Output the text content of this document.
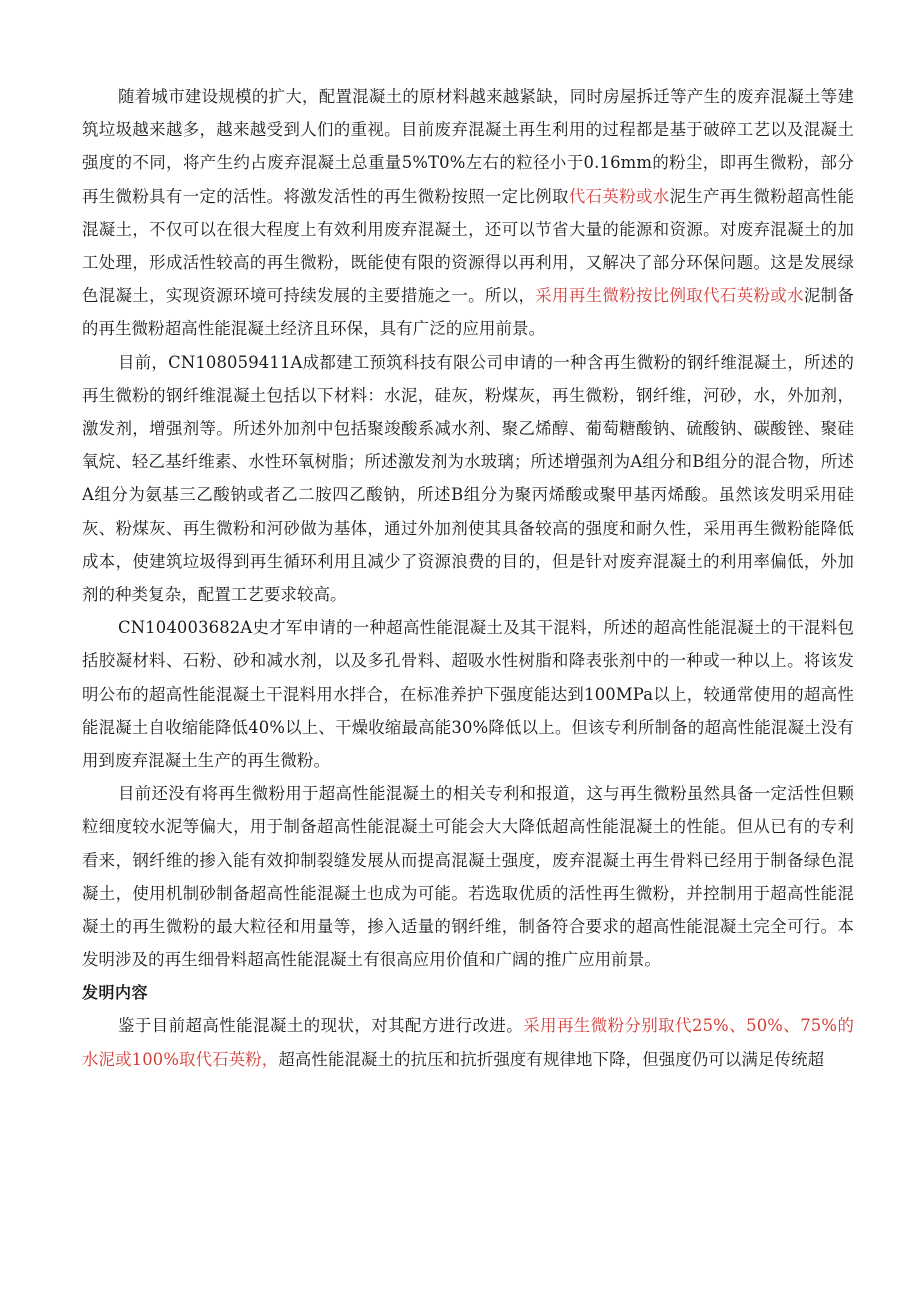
随着城市建设规模的扩大，配置混凝土的原材料越来越紧缺，同时房屋拆迁等产生的废弃混凝土等建筑垃圾越来越多，越来越受到人们的重视。目前废弃混凝土再生利用的过程都是基于破碎工艺以及混凝土强度的不同，将产生约占废弃混凝土总重量5%T0%左右的粒径小于0.16mm的粉尘，即再生微粉，部分再生微粉具有一定的活性。将激发活性的再生微粉按照一定比例取代石英粉或水泥生产再生微粉超高性能混凝土，不仅可以在很大程度上有效利用废弃混凝土，还可以节省大量的能源和资源。对废弃混凝土的加工处理，形成活性较高的再生微粉，既能使有限的资源得以再利用，又解决了部分环保问题。这是发展绿色混凝土，实现资源环境可持续发展的主要措施之一。所以，采用再生微粉按比例取代石英粉或水泥制备的再生微粉超高性能混凝土经济且环保，具有广泛的应用前景。

目前，CN108059411A成都建工预筑科技有限公司申请的一种含再生微粉的钢纤维混凝土，所述的再生微粉的钢纤维混凝土包括以下材料：水泥，硅灰，粉煤灰，再生微粉，钢纤维，河砂，水，外加剂，激发剂，增强剂等。所述外加剂中包括聚竣酸系减水剂、聚乙烯醇、葡萄糖酸钠、硫酸钠、碳酸锉、聚硅氧烷、轻乙基纤维素、水性环氧树脂；所述激发剂为水玻璃；所述增强剂为A组分和B组分的混合物，所述A组分为氨基三乙酸钠或者乙二胺四乙酸钠，所述B组分为聚丙烯酸或聚甲基丙烯酸。虽然该发明采用硅灰、粉煤灰、再生微粉和河砂做为基体，通过外加剂使其具备较高的强度和耐久性，采用再生微粉能降低成本，使建筑垃圾得到再生循环利用且减少了资源浪费的目的，但是针对废弃混凝土的利用率偏低，外加剂的种类复杂，配置工艺要求较高。

CN104003682A史才军申请的一种超高性能混凝土及其干混料，所述的超高性能混凝土的干混料包括胶凝材料、石粉、砂和减水剂，以及多孔骨料、超吸水性树脂和降表张剂中的一种或一种以上。将该发明公布的超高性能混凝土干混料用水拌合，在标准养护下强度能达到100MPa以上，较通常使用的超高性能混凝土自收缩能降低40%以上、干燥收缩最高能30%降低以上。但该专利所制备的超高性能混凝土没有用到废弃混凝土生产的再生微粉。

目前还没有将再生微粉用于超高性能混凝土的相关专利和报道，这与再生微粉虽然具备一定活性但颗粒细度较水泥等偏大，用于制备超高性能混凝土可能会大大降低超高性能混凝土的性能。但从已有的专利看来，钢纤维的掺入能有效抑制裂缝发展从而提高混凝土强度，废弃混凝土再生骨料已经用于制备绿色混凝土，使用机制砂制备超高性能混凝土也成为可能。若选取优质的活性再生微粉，并控制用于超高性能混凝土的再生微粉的最大粒径和用量等，掺入适量的钢纤维，制备符合要求的超高性能混凝土完全可行。本发明涉及的再生细骨料超高性能混凝土有很高应用价值和广阔的推广应用前景。

发明内容

鉴于目前超高性能混凝土的现状，对其配方进行改进。采用再生微粉分别取代25%、50%、75%的水泥或100%取代石英粉，超高性能混凝土的抗压和抗折强度有规律地下降，但强度仍可以满足传统超
